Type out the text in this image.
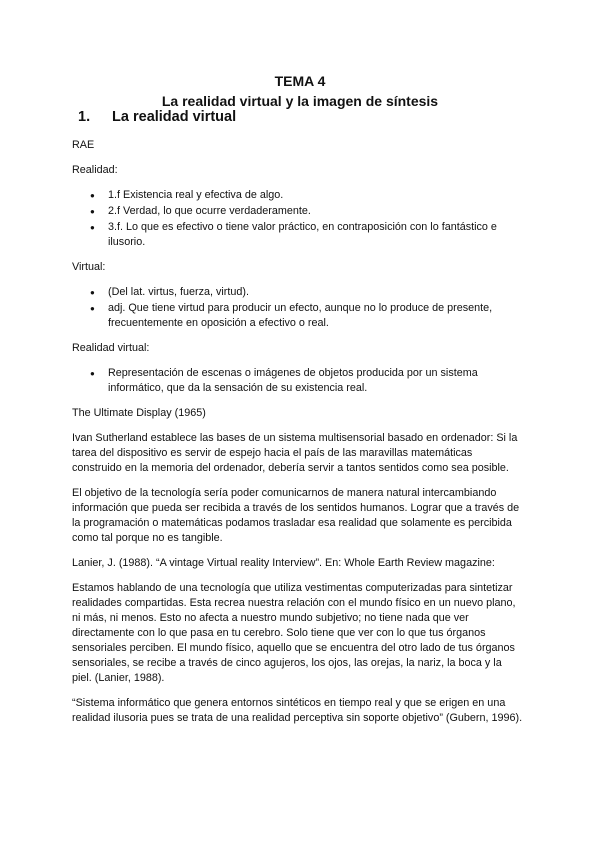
TEMA 4
La realidad virtual y la imagen de síntesis
1. La realidad virtual

RAE

Realidad:

● 1.f Existencia real y efectiva de algo.
● 2.f Verdad, lo que ocurre verdaderamente.
● 3.f. Lo que es efectivo o tiene valor práctico, en contraposición con lo fantástico e ilusorio.

Virtual:

● (Del lat. virtus, fuerza, virtud).
● adj. Que tiene virtud para producir un efecto, aunque no lo produce de presente, frecuentemente en oposición a efectivo o real.

Realidad virtual:

● Representación de escenas o imágenes de objetos producida por un sistema informático, que da la sensación de su existencia real.

The Ultimate Display (1965)

Ivan Sutherland establece las bases de un sistema multisensorial basado en ordenador: Si la tarea del dispositivo es servir de espejo hacia el país de las maravillas matemáticas construido en la memoria del ordenador, debería servir a tantos sentidos como sea posible.

El objetivo de la tecnología sería poder comunicarnos de manera natural intercambiando información que pueda ser recibida a través de los sentidos humanos. Lograr que a través de la programación o matemáticas podamos trasladar esa realidad que solamente es percibida como tal porque no es tangible.

Lanier, J. (1988). “A vintage Virtual reality Interview”. En: Whole Earth Review magazine:

Estamos hablando de una tecnología que utiliza vestimentas computerizadas para sintetizar realidades compartidas. Esta recrea nuestra relación con el mundo físico en un nuevo plano, ni más, ni menos. Esto no afecta a nuestro mundo subjetivo; no tiene nada que ver directamente con lo que pasa en tu cerebro. Solo tiene que ver con lo que tus órganos sensoriales perciben. El mundo físico, aquello que se encuentra del otro lado de tus órganos sensoriales, se recibe a través de cinco agujeros, los ojos, las orejas, la nariz, la boca y la piel. (Lanier, 1988).

“Sistema informático que genera entornos sintéticos en tiempo real y que se erigen en una realidad ilusoria pues se trata de una realidad perceptiva sin soporte objetivo” (Gubern, 1996).
